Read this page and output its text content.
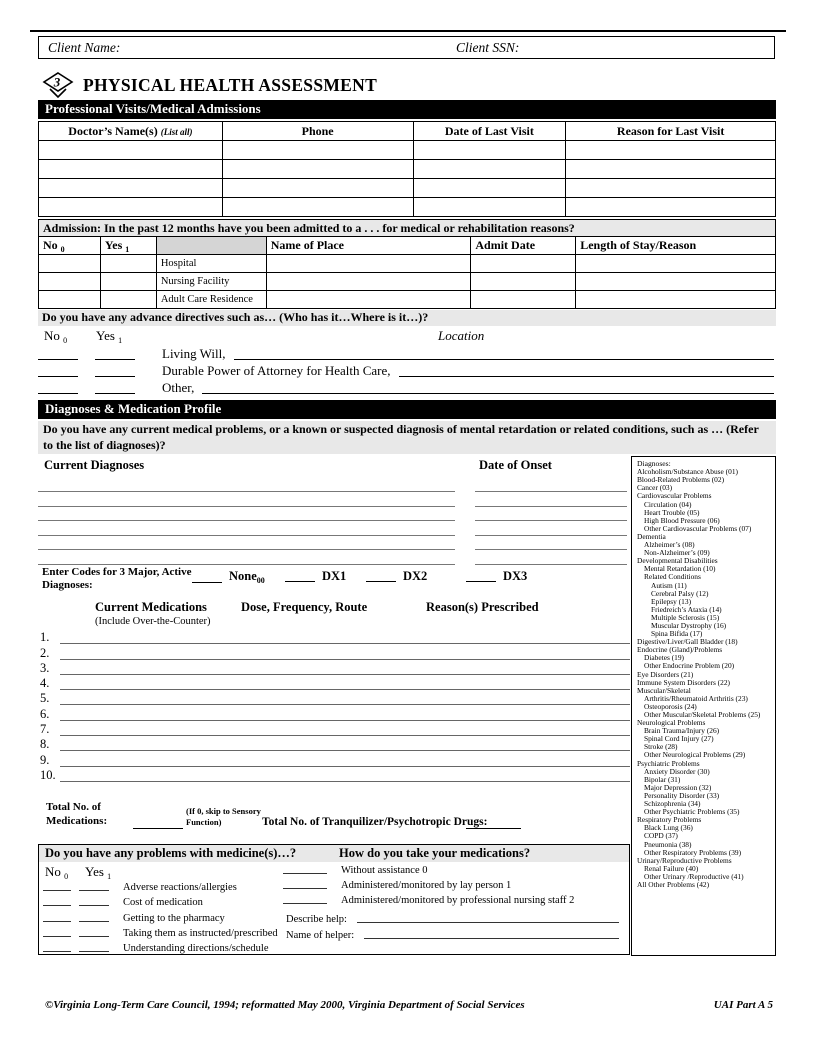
Client Name:	Client SSN:
3 PHYSICAL HEALTH ASSESSMENT
Professional Visits/Medical Admissions
Doctor’s Name(s) (List all)	Phone	Date of Last Visit	Reason for Last Visit

Admission: In the past 12 months have you been admitted to a . . . for medical or rehabilitation reasons?
No $_0$	Yes $_1$		Name of Place	Admit Date	Length of Stay/Reason
		Hospital			
		Nursing Facility			
		Adult Care Residence			
Do you have any advance directives such as… (Who has it…Where is it…)?
No $_0$ Yes $_1$	Location
Living Will,
Durable Power of Attorney for Health Care,
Other,
Diagnoses & Medication Profile
Do you have any current medical problems, or a known or suspected diagnosis of mental retardation or related conditions, such as … (Refer to the list of diagnoses)?
Current Diagnoses	Date of Onset
Enter Codes for 3 Major, Active Diagnoses:
None$_{00}$	DX1	DX2	DX3
Current Medications
(Include Over-the-Counter)
Dose, Frequency, Route	Reason(s) Prescribed
1.
2.
3.
4.
5.
6.
7.
8.
9.
10.
Total No. of Medications:
(If 0, skip to Sensory Function)	Total No. of Tranquilizer/Psychotropic Drugs:
Do you have any problems with medicine(s)…?	How do you take your medications?
No $_0$ Yes $_1$
Adverse reactions/allergies
Cost of medication
Getting to the pharmacy
Taking them as instructed/prescribed
Understanding directions/schedule
Without assistance 0
Administered/monitored by lay person 1
Administered/monitored by professional nursing staff 2
Describe help:
Name of helper:
Diagnoses:
Alcoholism/Substance Abuse (01)
Blood-Related Problems (02)
Cancer (03)
Cardiovascular Problems
Circulation (04)
Heart Trouble (05)
High Blood Pressure (06)
Other Cardiovascular Problems (07)
Dementia
Alzheimer’s (08)
Non-Alzheimer’s (09)
Developmental Disabilities
Mental Retardation (10)
Related Conditions
Autism (11)
Cerebral Palsy (12)
Epilepsy (13)
Friedreich’s Ataxia (14)
Multiple Sclerosis (15)
Muscular Dystrophy (16)
Spina Bifida (17)
Digestive/Liver/Gall Bladder (18)
Endocrine (Gland)/Problems
Diabetes (19)
Other Endocrine Problem (20)
Eye Disorders (21)
Immune System Disorders (22)
Muscular/Skeletal
Arthritis/Rheumatoid Arthritis (23)
Osteoporosis (24)
Other Muscular/Skeletal Problems (25)
Neurological Problems
Brain Trauma/Injury (26)
Spinal Cord Injury (27)
Stroke (28)
Other Neurological Problems (29)
Psychiatric Problems
Anxiety Disorder (30)
Bipolar (31)
Major Depression (32)
Personality Disorder (33)
Schizophrenia (34)
Other Psychiatric Problems (35)
Respiratory Problems
Black Lung (36)
COPD (37)
Pneumonia (38)
Other Respiratory Problems (39)
Urinary/Reproductive Problems
Renal Failure (40)
Other Urinary /Reproductive (41)
All Other Problems (42)
©Virginia Long-Term Care Council, 1994; reformatted May 2000, Virginia Department of Social Services	UAI Part A 5
